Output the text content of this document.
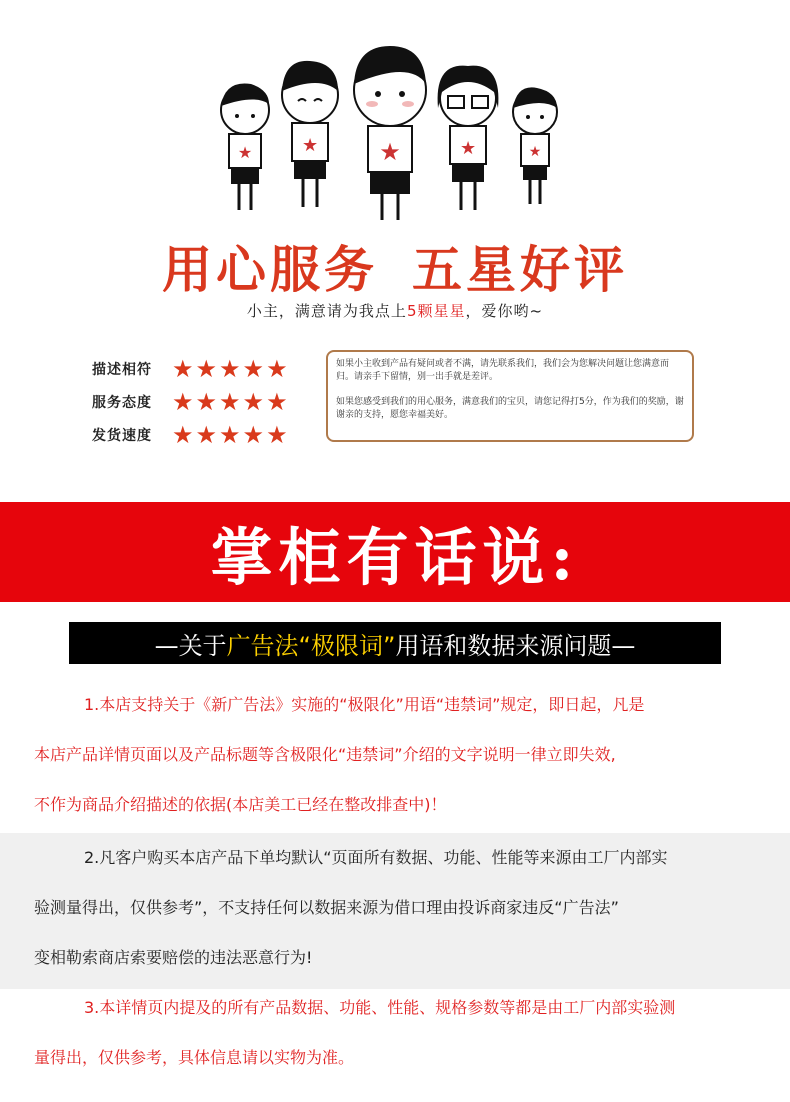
★	★	★	★	★
用心服务 五星好评
小主，满意请为我点上5颗星星，爱你哟~
描述相符 ★★★★★
服务态度 ★★★★★
发货速度 ★★★★★

如果小主收到产品有疑问或者不满，请先联系我们，我们会为您解决问题让您满意而归。请亲手下留情，别一出手就是差评。

如果您感受到我们的用心服务，满意我们的宝贝，请您记得打5分，作为我们的奖励，谢谢亲的支持，愿您幸福美好。

掌柜有话说:
—关于 广告法“极限词” 用语和数据来源问题—
1.本店支持关于《新广告法》实施的“极限化”用语“违禁词”规定，即日起，凡是
本店产品详情页面以及产品标题等含极限化“违禁词”介绍的文字说明一律立即失效,
不作为商品介绍描述的依据(本店美工已经在整改排查中)！
2.凡客户购买本店产品下单均默认“页面所有数据、功能、性能等来源由工厂内部实
验测量得出，仅供参考”，不支持任何以数据来源为借口理由投诉商家违反“广告法”
变相勒索商店索要赔偿的违法恶意行为!
3.本详情页内提及的所有产品数据、功能、性能、规格参数等都是由工厂内部实验测
量得出，仅供参考，具体信息请以实物为准。
